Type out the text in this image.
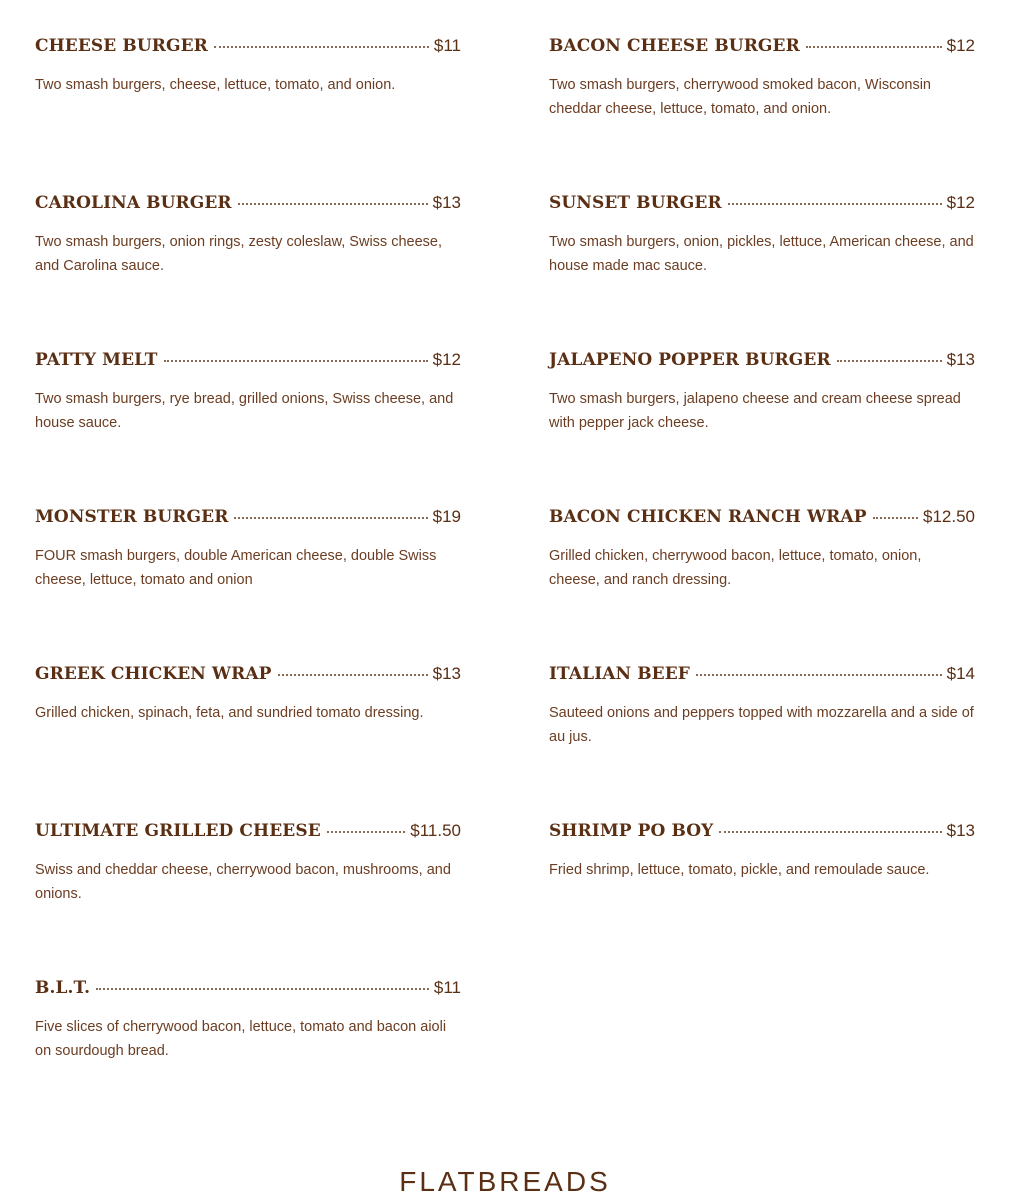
CHEESE BURGER	$11
Two smash burgers, cheese, lettuce, tomato, and onion.
BACON CHEESE BURGER	$12
Two smash burgers, cherrywood smoked bacon, Wisconsin cheddar cheese, lettuce, tomato, and onion.
CAROLINA BURGER	$13
Two smash burgers, onion rings, zesty coleslaw, Swiss cheese, and Carolina sauce.
SUNSET BURGER	$12
Two smash burgers, onion, pickles, lettuce, American cheese, and house made mac sauce.
PATTY MELT	$12
Two smash burgers, rye bread, grilled onions, Swiss cheese, and house sauce.
JALAPENO POPPER BURGER	$13
Two smash burgers, jalapeno cheese and cream cheese spread with pepper jack cheese.
MONSTER BURGER	$19
FOUR smash burgers, double American cheese, double Swiss cheese, lettuce, tomato and onion
BACON CHICKEN RANCH WRAP	$12.50
Grilled chicken, cherrywood bacon, lettuce, tomato, onion, cheese, and ranch dressing.
GREEK CHICKEN WRAP	$13
Grilled chicken, spinach, feta, and sundried tomato dressing.
ITALIAN BEEF	$14
Sauteed onions and peppers topped with mozzarella and a side of au jus.
ULTIMATE GRILLED CHEESE	$11.50
Swiss and cheddar cheese, cherrywood bacon, mushrooms, and onions.
SHRIMP PO BOY	$13
Fried shrimp, lettuce, tomato, pickle, and remoulade sauce.
B.L.T.	$11
Five slices of cherrywood bacon, lettuce, tomato and bacon aioli on sourdough bread.
FLATBREADS
